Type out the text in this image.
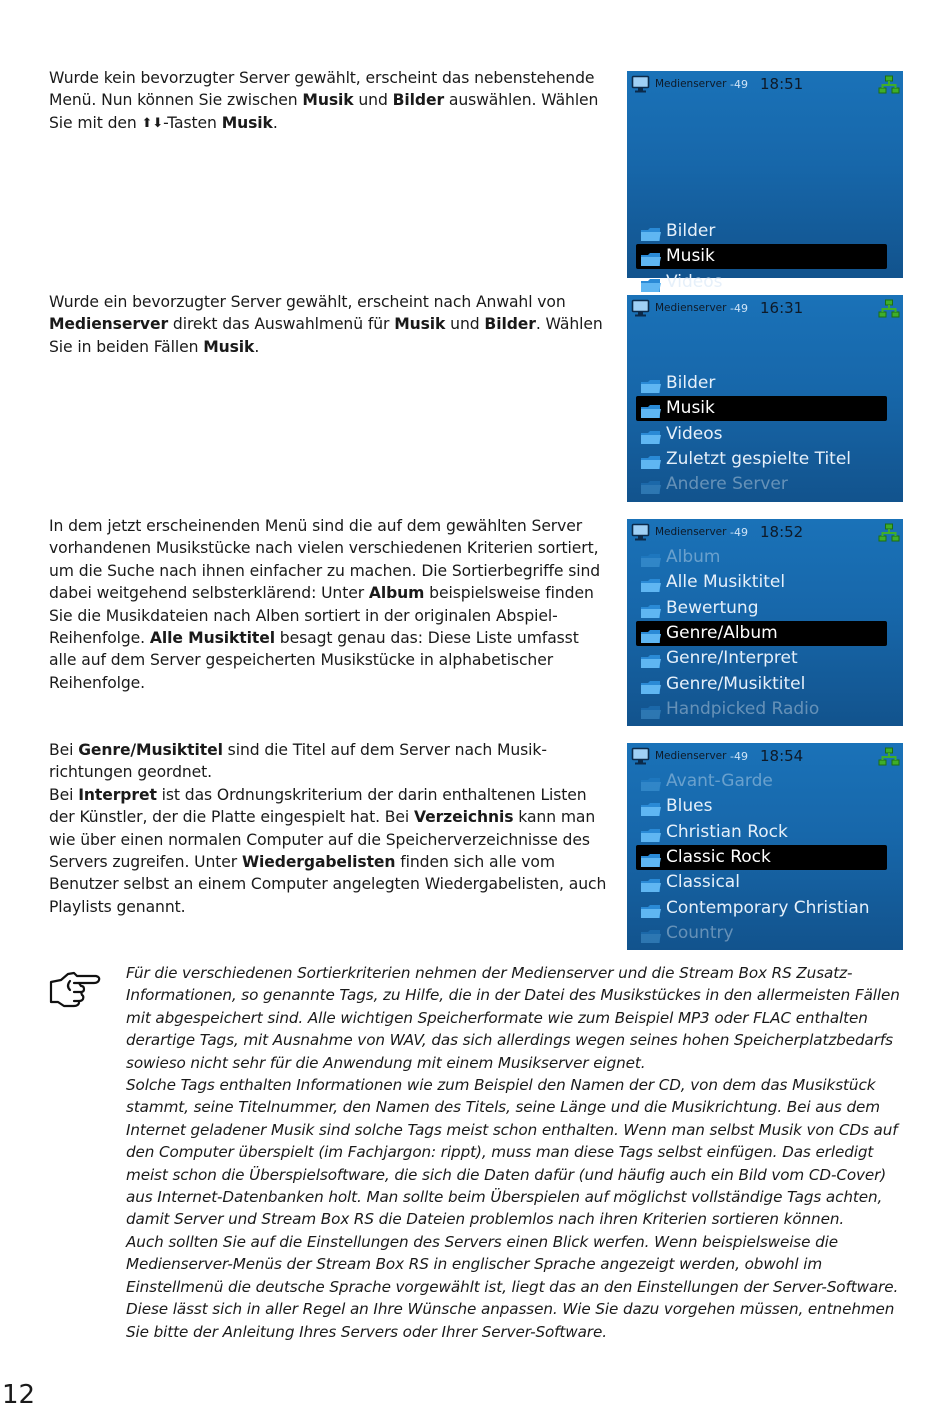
Wurde kein bevorzugter Server gewählt, erscheint das nebenstehende Menü. Nun können Sie zwischen Musik und Bilder auswählen. Wählen Sie mit den ⬆⬇-Tasten Musik.
Wurde ein bevorzugter Server gewählt, erscheint nach Anwahl von Medienserver direkt das Auswahlmenü für Musik und Bilder. Wählen Sie in beiden Fällen Musik.
In dem jetzt erscheinenden Menü sind die auf dem gewählten Server vorhandenen Musikstücke nach vielen verschiedenen Kriterien sortiert, um die Suche nach ihnen einfacher zu machen. Die Sortierbegriffe sind dabei weitgehend selbsterklärend: Unter Album beispielsweise finden Sie die Musikdateien nach Alben sortiert in der originalen Abspiel-Reihenfolge. Alle Musiktitel besagt genau das: Diese Liste umfasst alle auf dem Server gespeicherten Musikstücke in alphabetischer Reihenfolge.
Bei Genre/Musiktitel sind die Titel auf dem Server nach Musik-richtungen geordnet.
Bei Interpret ist das Ordnungskriterium der darin enthaltenen Listen der Künstler, der die Platte eingespielt hat. Bei Verzeichnis kann man wie über einen normalen Computer auf die Speicherverzeichnisse des Servers zugreifen. Unter Wiedergabelisten finden sich alle vom Benutzer selbst an einem Computer angelegten Wiedergabelisten, auch Playlists genannt.
Medienserver -49 18:51
Bilder
Musik
Videos
Medienserver -49 16:31
Bilder
Musik
Videos
Zuletzt gespielte Titel
Andere Server
Medienserver -49 18:52
Album
Alle Musiktitel
Bewertung
Genre/Album
Genre/Interpret
Genre/Musiktitel
Handpicked Radio
Medienserver -49 18:54
Avant-Garde
Blues
Christian Rock
Classic Rock
Classical
Contemporary Christian
Country

Für die verschiedenen Sortierkriterien nehmen der Medienserver und die Stream Box RS Zusatz-Informationen, so genannte Tags, zu Hilfe, die in der Datei des Musikstückes in den allermeisten Fällen mit abgespeichert sind. Alle wichtigen Speicherformate wie zum Beispiel MP3 oder FLAC enthalten derartige Tags, mit Ausnahme von WAV, das sich allerdings wegen seines hohen Speicherplatzbedarfs sowieso nicht sehr für die Anwendung mit einem Musikserver eignet.

Solche Tags enthalten Informationen wie zum Beispiel den Namen der CD, von dem das Musikstück stammt, seine Titelnummer, den Namen des Titels, seine Länge und die Musikrichtung. Bei aus dem Internet geladener Musik sind solche Tags meist schon enthalten. Wenn man selbst Musik von CDs auf den Computer überspielt (im Fachjargon: rippt), muss man diese Tags selbst einfügen. Das erledigt meist schon die Überspielsoftware, die sich die Daten dafür (und häufig auch ein Bild vom CD-Cover) aus Internet-Datenbanken holt. Man sollte beim Überspielen auf möglichst vollständige Tags achten, damit Server und Stream Box RS die Dateien problemlos nach ihren Kriterien sortieren können.

Auch sollten Sie auf die Einstellungen des Servers einen Blick werfen. Wenn beispielsweise die Medienserver-Menüs der Stream Box RS in englischer Sprache angezeigt werden, obwohl im Einstellmenü die deutsche Sprache vorgewählt ist, liegt das an den Einstellungen der Server-Software. Diese lässt sich in aller Regel an Ihre Wünsche anpassen. Wie Sie dazu vorgehen müssen, entnehmen Sie bitte der Anleitung Ihres Servers oder Ihrer Server-Software.

12
